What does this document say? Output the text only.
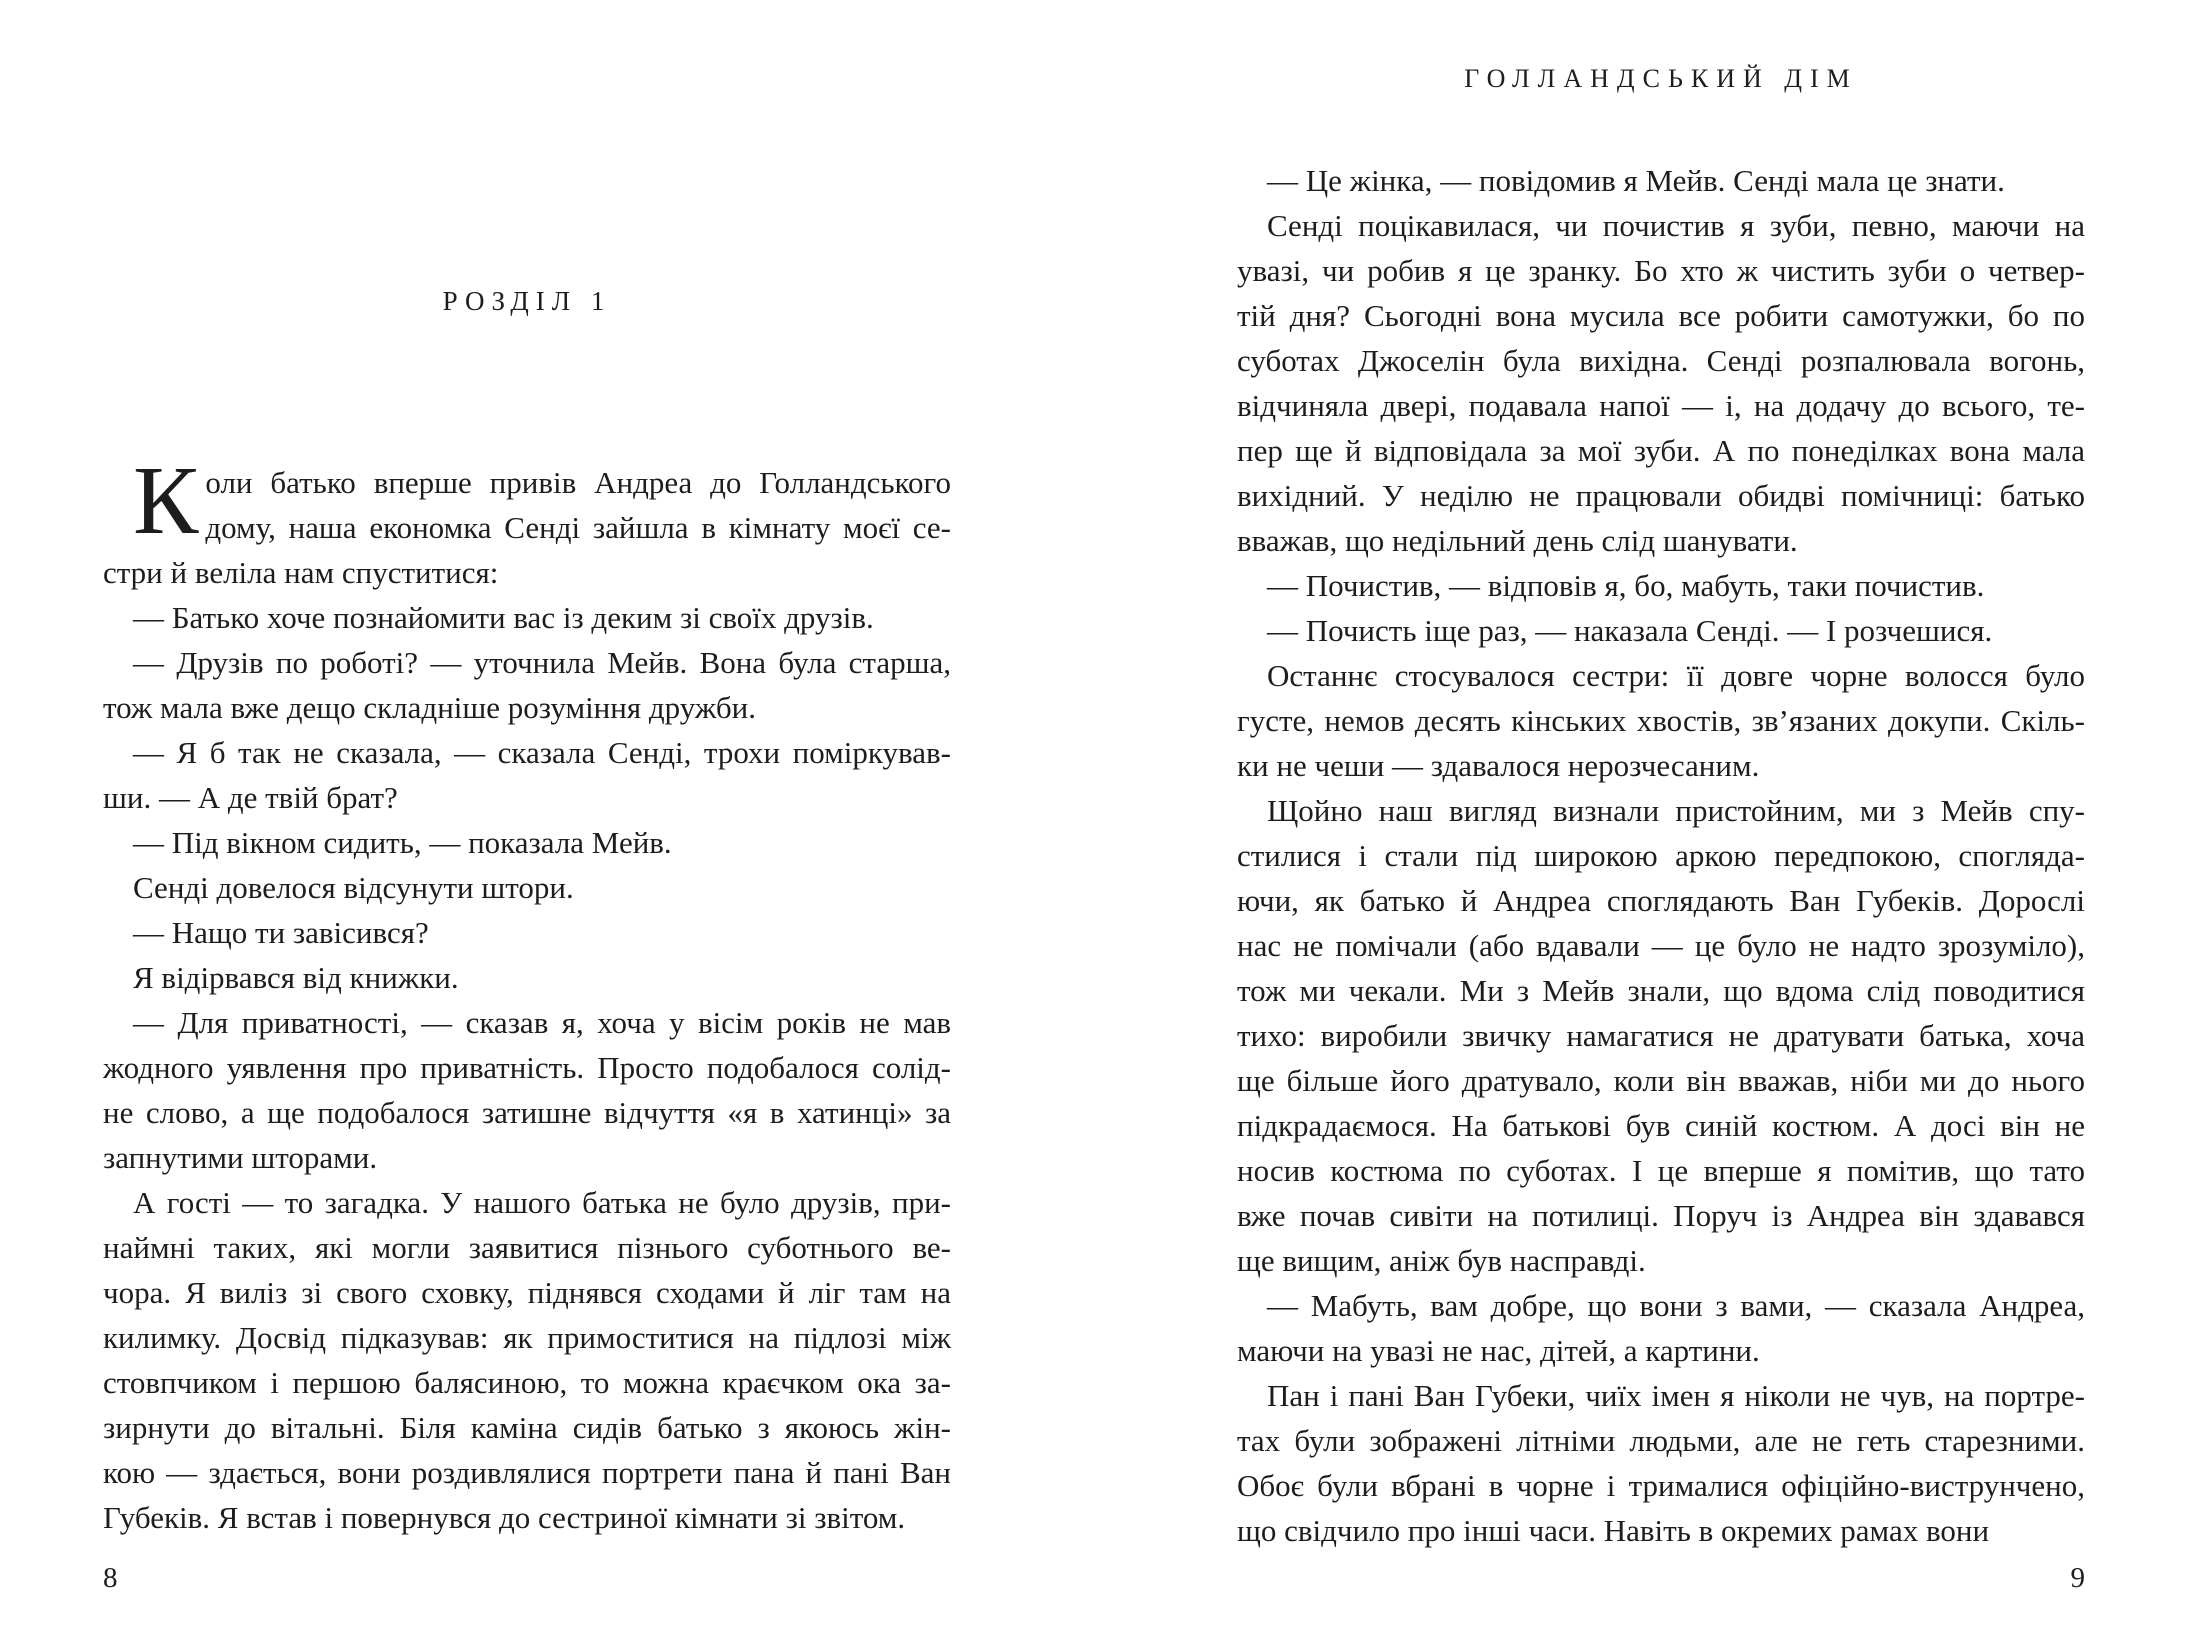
РОЗДІЛ 1
К оли батько вперше привів Андреа до Голландського
дому, наша економка Сенді зайшла в кімнату моєї се-
стри й веліла нам спуститися:
— Батько хоче познайомити вас із деким зі своїх друзів.
— Друзів по роботі? — уточнила Мейв. Вона була старша,
тож мала вже дещо складніше розуміння дружби.
— Я б так не сказала, — сказала Сенді, трохи поміркував-
ши. — А де твій брат?
— Під вікном сидить, — показала Мейв.
Сенді довелося відсунути штори.
— Нащо ти завісився?
Я відірвався від книжки.
— Для приватності, — сказав я, хоча у вісім років не мав
жодного уявлення про приватність. Просто подобалося солід-
не слово, а ще подобалося затишне відчуття «я в хатинці» за
запнутими шторами.
А гості — то загадка. У нашого батька не було друзів, при-
наймні таких, які могли заявитися пізнього суботнього ве-
чора. Я виліз зі свого сховку, піднявся сходами й ліг там на
килимку. Досвід підказував: як примоститися на підлозі між
стовпчиком і першою балясиною, то можна краєчком ока за-
зирнути до вітальні. Біля каміна сидів батько з якоюсь жін-
кою — здається, вони роздивлялися портрети пана й пані Ван
Губеків. Я встав і повернувся до сестриної кімнати зі звітом.
8
ГОЛЛАНДСЬКИЙ ДІМ
— Це жінка, — повідомив я Мейв. Сенді мала це знати.
Сенді поцікавилася, чи почистив я зуби, певно, маючи на
увазі, чи робив я це зранку. Бо хто ж чистить зуби о четвер-
тій дня? Сьогодні вона мусила все робити самотужки, бо по
суботах Джоселін була вихідна. Сенді розпалювала вогонь,
відчиняла двері, подавала напої — і, на додачу до всього, те-
пер ще й відповідала за мої зуби. А по понеділках вона мала
вихідний. У неділю не працювали обидві помічниці: батько
вважав, що недільний день слід шанувати.
— Почистив, — відповів я, бо, мабуть, таки почистив.
— Почисть іще раз, — наказала Сенді. — І розчешися.
Останнє стосувалося сестри: її довге чорне волосся було
густе, немов десять кінських хвостів, зв’язаних докупи. Скіль-
ки не чеши — здавалося нерозчесаним.
Щойно наш вигляд визнали пристойним, ми з Мейв спу-
стилися і стали під широкою аркою передпокою, спогляда-
ючи, як батько й Андреа споглядають Ван Губеків. Дорослі
нас не помічали (або вдавали — це було не надто зрозуміло),
тож ми чекали. Ми з Мейв знали, що вдома слід поводитися
тихо: виробили звичку намагатися не дратувати батька, хоча
ще більше його дратувало, коли він вважав, ніби ми до нього
підкрадаємося. На батькові був синій костюм. А досі він не
носив костюма по суботах. І це вперше я помітив, що тато
вже почав сивіти на потилиці. Поруч із Андреа він здавався
ще вищим, аніж був насправді.
— Мабуть, вам добре, що вони з вами, — сказала Андреа,
маючи на увазі не нас, дітей, а картини.
Пан і пані Ван Губеки, чиїх імен я ніколи не чув, на портре-
тах були зображені літніми людьми, але не геть старезними.
Обоє були вбрані в чорне і трималися офіційно-виструнчено,
що свідчило про інші часи. Навіть в окремих рамах вони
9
